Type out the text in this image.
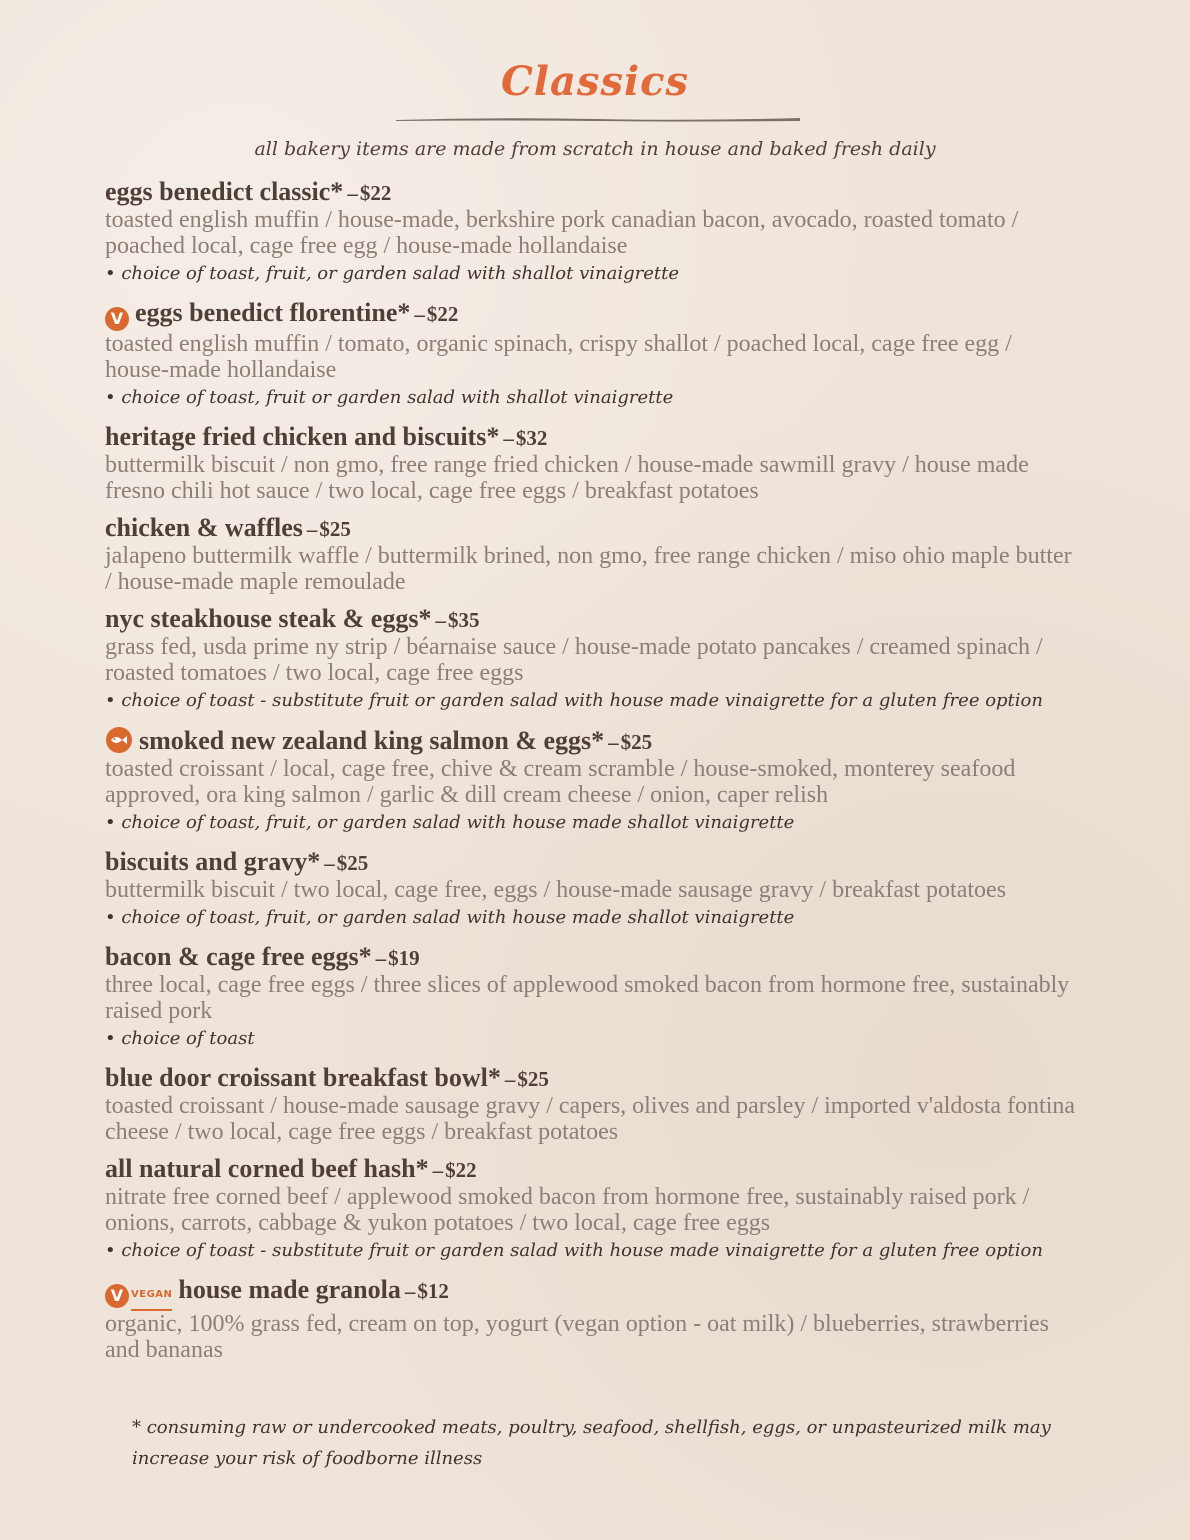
Classics
all bakery items are made from scratch in house and baked fresh daily
eggs benedict classic* –$22
toasted english muffin / house-made, berkshire pork canadian bacon, avocado, roasted tomato / poached local, cage free egg / house-made hollandaise
• choice of toast, fruit, or garden salad with shallot vinaigrette
V eggs benedict florentine* –$22
toasted english muffin / tomato, organic spinach, crispy shallot / poached local, cage free egg / house-made hollandaise
• choice of toast, fruit or garden salad with shallot vinaigrette
heritage fried chicken and biscuits* –$32
buttermilk biscuit / non gmo, free range fried chicken / house-made sawmill gravy / house made fresno chili hot sauce / two local, cage free eggs / breakfast potatoes
chicken & waffles –$25
jalapeno buttermilk waffle / buttermilk brined, non gmo, free range chicken / miso ohio maple butter / house-made maple remoulade
nyc steakhouse steak & eggs* –$35
grass fed, usda prime ny strip / béarnaise sauce / house-made potato pancakes / creamed spinach / roasted tomatoes / two local, cage free eggs
• choice of toast - substitute fruit or garden salad with house made vinaigrette for a gluten free option
smoked new zealand king salmon & eggs* –$25
toasted croissant / local, cage free, chive & cream scramble / house-smoked, monterey seafood approved, ora king salmon / garlic & dill cream cheese / onion, caper relish
• choice of toast, fruit, or garden salad with house made shallot vinaigrette
biscuits and gravy* –$25
buttermilk biscuit / two local, cage free, eggs / house-made sausage gravy / breakfast potatoes
• choice of toast, fruit, or garden salad with house made shallot vinaigrette
bacon & cage free eggs* –$19
three local, cage free eggs / three slices of applewood smoked bacon from hormone free, sustainably raised pork
• choice of toast
blue door croissant breakfast bowl* –$25
toasted croissant / house-made sausage gravy / capers, olives and parsley / imported v'aldosta fontina cheese / two local, cage free eggs / breakfast potatoes
all natural corned beef hash* –$22
nitrate free corned beef / applewood smoked bacon from hormone free, sustainably raised pork / onions, carrots, cabbage & yukon potatoes / two local, cage free eggs
• choice of toast - substitute fruit or garden salad with house made vinaigrette for a gluten free option
V VEGAN house made granola –$12
organic, 100% grass fed, cream on top, yogurt (vegan option - oat milk) / blueberries, strawberries and bananas
* consuming raw or undercooked meats, poultry, seafood, shellfish, eggs, or unpasteurized milk may increase your risk of foodborne illness
